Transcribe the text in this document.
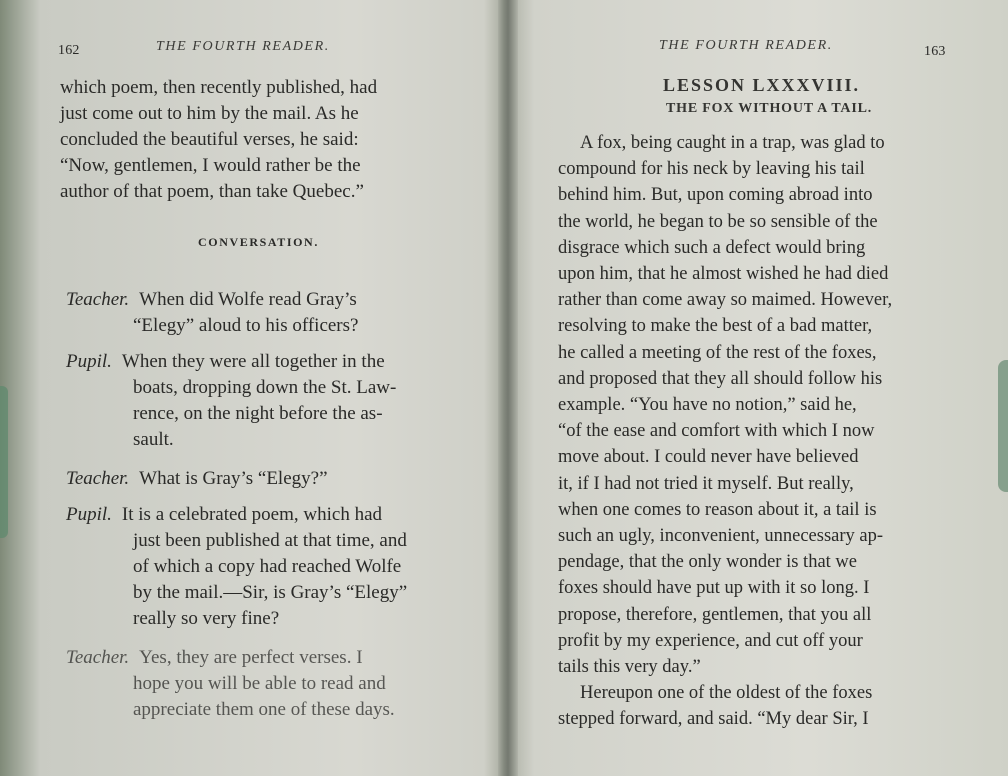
162	THE FOURTH READER.
which poem, then recently published, had
just come out to him by the mail. As he
concluded the beautiful verses, he said:
“Now, gentlemen, I would rather be the
author of that poem, than take Quebec.”
CONVERSATION.
Teacher. When did Wolfe read Gray’s
“Elegy” aloud to his officers?
Pupil. When they were all together in the
boats, dropping down the St. Law-
rence, on the night before the as-
sault.
Teacher. What is Gray’s “Elegy?”
Pupil. It is a celebrated poem, which had
just been published at that time, and
of which a copy had reached Wolfe
by the mail.—Sir, is Gray’s “Elegy”
really so very fine?
Teacher. Yes, they are perfect verses. I
hope you will be able to read and
appreciate them one of these days.
THE FOURTH READER.	163
LESSON LXXXVIII.
THE FOX WITHOUT A TAIL.
A fox, being caught in a trap, was glad to
compound for his neck by leaving his tail
behind him. But, upon coming abroad into
the world, he began to be so sensible of the
disgrace which such a defect would bring
upon him, that he almost wished he had died
rather than come away so maimed. However,
resolving to make the best of a bad matter,
he called a meeting of the rest of the foxes,
and proposed that they all should follow his
example. “You have no notion,” said he,
“of the ease and comfort with which I now
move about. I could never have believed
it, if I had not tried it myself. But really,
when one comes to reason about it, a tail is
such an ugly, inconvenient, unnecessary ap-
pendage, that the only wonder is that we
foxes should have put up with it so long. I
propose, therefore, gentlemen, that you all
profit by my experience, and cut off your
tails this very day.”
Hereupon one of the oldest of the foxes
stepped forward, and said. “My dear Sir, I
